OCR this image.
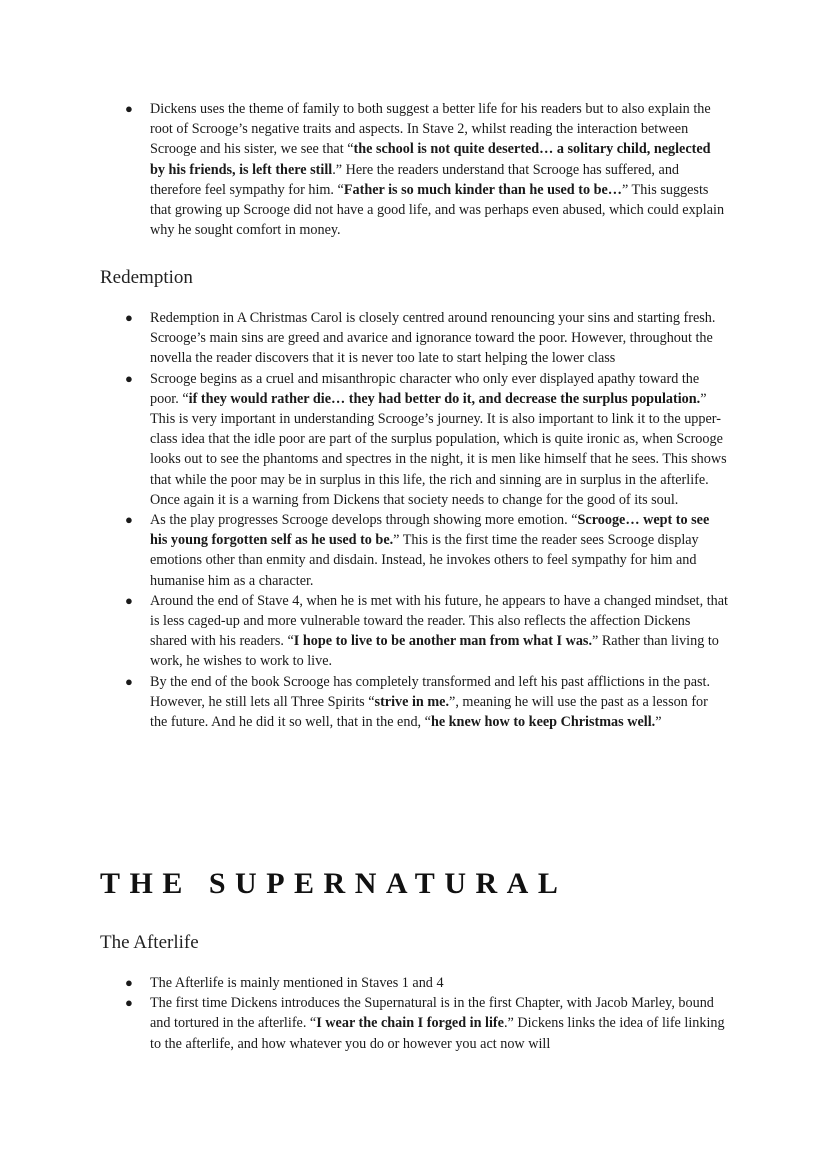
● Dickens uses the theme of family to both suggest a better life for his readers but to also explain the root of Scrooge’s negative traits and aspects. In Stave 2, whilst reading the interaction between Scrooge and his sister, we see that “the school is not quite deserted… a solitary child, neglected by his friends, is left there still.” Here the readers understand that Scrooge has suffered, and therefore feel sympathy for him. “Father is so much kinder than he used to be…” This suggests that growing up Scrooge did not have a good life, and was perhaps even abused, which could explain why he sought comfort in money.
Redemption
● Redemption in A Christmas Carol is closely centred around renouncing your sins and starting fresh. Scrooge’s main sins are greed and avarice and ignorance toward the poor. However, throughout the novella the reader discovers that it is never too late to start helping the lower class
● Scrooge begins as a cruel and misanthropic character who only ever displayed apathy toward the poor. “if they would rather die… they had better do it, and decrease the surplus population.” This is very important in understanding Scrooge’s journey. It is also important to link it to the upper-class idea that the idle poor are part of the surplus population, which is quite ironic as, when Scrooge looks out to see the phantoms and spectres in the night, it is men like himself that he sees. This shows that while the poor may be in surplus in this life, the rich and sinning are in surplus in the afterlife. Once again it is a warning from Dickens that society needs to change for the good of its soul.
● As the play progresses Scrooge develops through showing more emotion. “Scrooge… wept to see his young forgotten self as he used to be.” This is the first time the reader sees Scrooge display emotions other than enmity and disdain. Instead, he invokes others to feel sympathy for him and humanise him as a character.
● Around the end of Stave 4, when he is met with his future, he appears to have a changed mindset, that is less caged-up and more vulnerable toward the reader. This also reflects the affection Dickens shared with his readers. “I hope to live to be another man from what I was.” Rather than living to work, he wishes to work to live.
● By the end of the book Scrooge has completely transformed and left his past afflictions in the past. However, he still lets all Three Spirits “strive in me.”, meaning he will use the past as a lesson for the future. And he did it so well, that in the end, “he knew how to keep Christmas well.”
THE SUPERNATURAL
The Afterlife
● The Afterlife is mainly mentioned in Staves 1 and 4
● The first time Dickens introduces the Supernatural is in the first Chapter, with Jacob Marley, bound and tortured in the afterlife. “I wear the chain I forged in life.” Dickens links the idea of life linking to the afterlife, and how whatever you do or however you act now will
